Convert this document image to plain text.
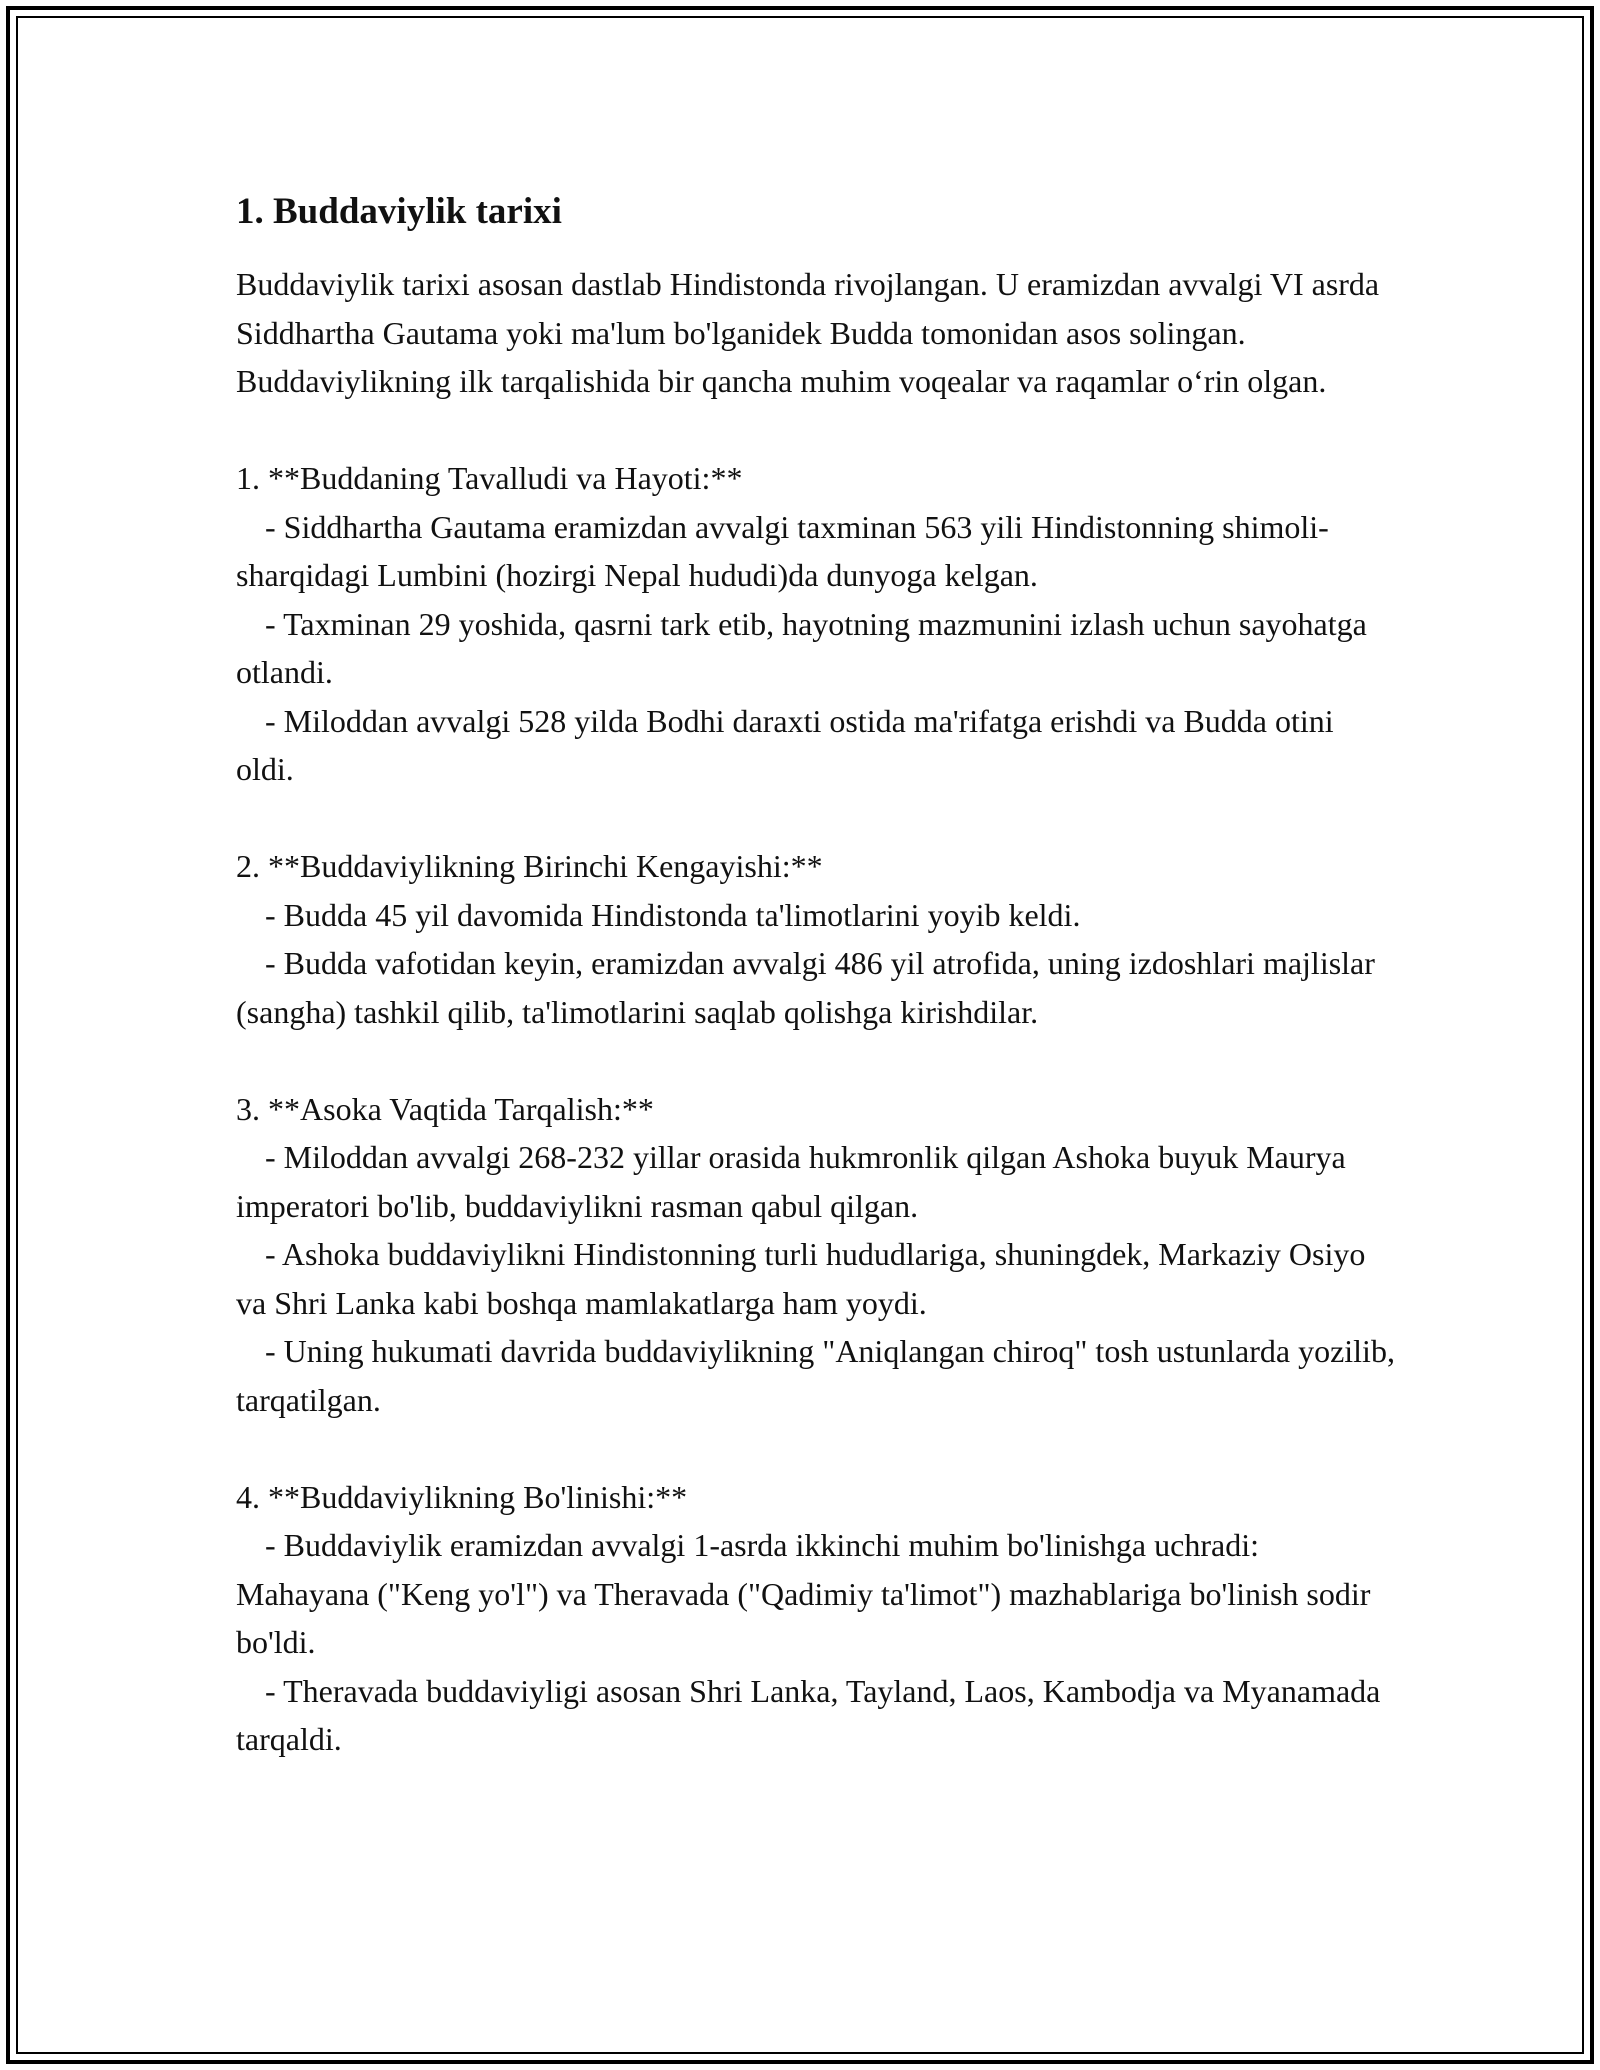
1. Buddaviylik tarixi

Buddaviylik tarixi asosan dastlab Hindistonda rivojlangan. U eramizdan avvalgi VI asrda Siddhartha Gautama yoki ma'lum bo'lganidek Budda tomonidan asos solingan. Buddaviylikning ilk tarqalishida bir qancha muhim voqealar va raqamlar o‘rin olgan.

1. **Buddaning Tavalludi va Hayoti:**

- Siddhartha Gautama eramizdan avvalgi taxminan 563 yili Hindistonning shimoli-sharqidagi Lumbini (hozirgi Nepal hududi)da dunyoga kelgan.

- Taxminan 29 yoshida, qasrni tark etib, hayotning mazmunini izlash uchun sayohatga otlandi.

- Miloddan avvalgi 528 yilda Bodhi daraxti ostida ma'rifatga erishdi va Budda otini oldi.

2. **Buddaviylikning Birinchi Kengayishi:**

- Budda 45 yil davomida Hindistonda ta'limotlarini yoyib keldi.

- Budda vafotidan keyin, eramizdan avvalgi 486 yil atrofida, uning izdoshlari majlislar (sangha) tashkil qilib, ta'limotlarini saqlab qolishga kirishdilar.

3. **Asoka Vaqtida Tarqalish:**

- Miloddan avvalgi 268-232 yillar orasida hukmronlik qilgan Ashoka buyuk Maurya imperatori bo'lib, buddaviylikni rasman qabul qilgan.

- Ashoka buddaviylikni Hindistonning turli hududlariga, shuningdek, Markaziy Osiyo va Shri Lanka kabi boshqa mamlakatlarga ham yoydi.

- Uning hukumati davrida buddaviylikning "Aniqlangan chiroq" tosh ustunlarda yozilib, tarqatilgan.

4. **Buddaviylikning Bo'linishi:**

- Buddaviylik eramizdan avvalgi 1-asrda ikkinchi muhim bo'linishga uchradi: Mahayana ("Keng yo'l") va Theravada ("Qadimiy ta'limot") mazhablariga bo'linish sodir bo'ldi.

- Theravada buddaviyligi asosan Shri Lanka, Tayland, Laos, Kambodja va Myanamada tarqaldi.
